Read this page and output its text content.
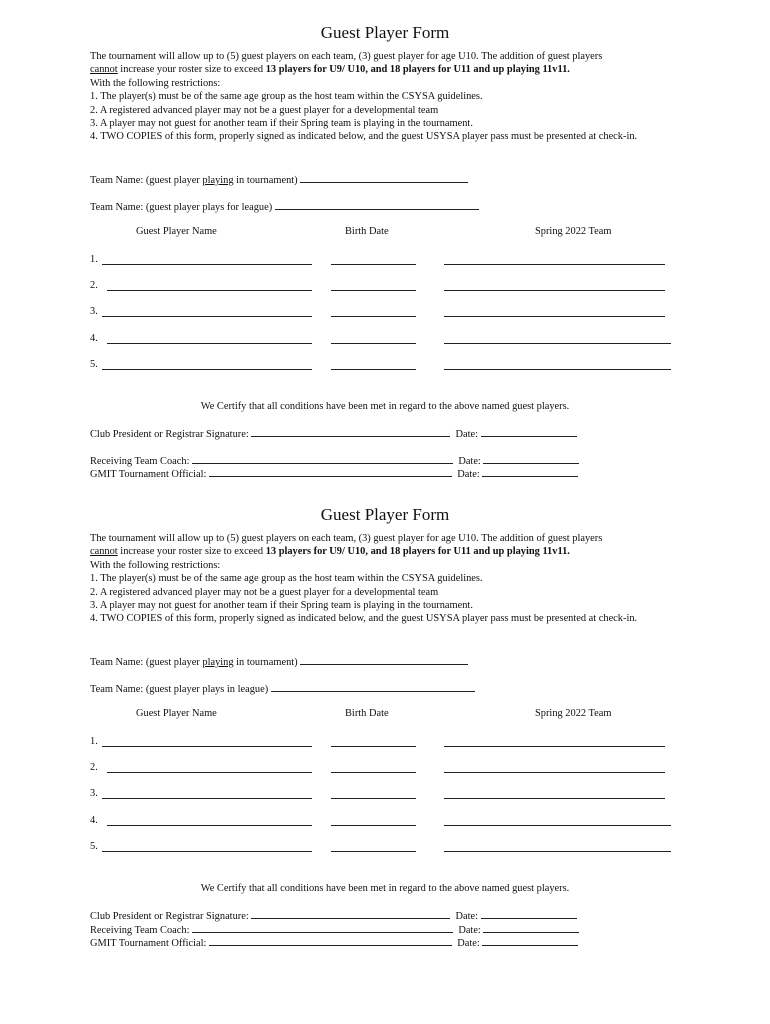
Guest Player Form

The tournament will allow up to (5) guest players on each team, (3) guest player for age U10. The addition of guest players
cannot increase your roster size to exceed 13 players for U9/ U10, and 18 players for U11 and up playing 11v11.

With the following restrictions:

1. The player(s) must be of the same age group as the host team within the CSYSA guidelines.
2. A registered advanced player may not be a guest player for a developmental team
3. A player may not guest for another team if their Spring team is playing in the tournament.
4. TWO COPIES of this form, properly signed as indicated below, and the guest USYSA player pass must be presented at check-in.
Team Name: (guest player playing in tournament)
Team Name: (guest player plays for league)
Guest Player Name	Birth Date	Spring 2022 Team
1.
2.
3.
4.
5.
We Certify that all conditions have been met in regard to the above named guest players.
Club President or Registrar Signature:	Date:
Receiving Team Coach:	Date:
GMIT Tournament Official:	Date:
Guest Player Form

The tournament will allow up to (5) guest players on each team, (3) guest player for age U10. The addition of guest players
cannot increase your roster size to exceed 13 players for U9/ U10, and 18 players for U11 and up playing 11v11.

With the following restrictions:

1. The player(s) must be of the same age group as the host team within the CSYSA guidelines.
2. A registered advanced player may not be a guest player for a developmental team
3. A player may not guest for another team if their Spring team is playing in the tournament.
4. TWO COPIES of this form, properly signed as indicated below, and the guest USYSA player pass must be presented at check-in.
Team Name: (guest player playing in tournament)
Team Name: (guest player plays in league)
Guest Player Name	Birth Date	Spring 2022 Team
1.
2.
3.
4.
5.
We Certify that all conditions have been met in regard to the above named guest players.
Club President or Registrar Signature:	Date:
Receiving Team Coach:	Date:
GMIT Tournament Official:	Date:
